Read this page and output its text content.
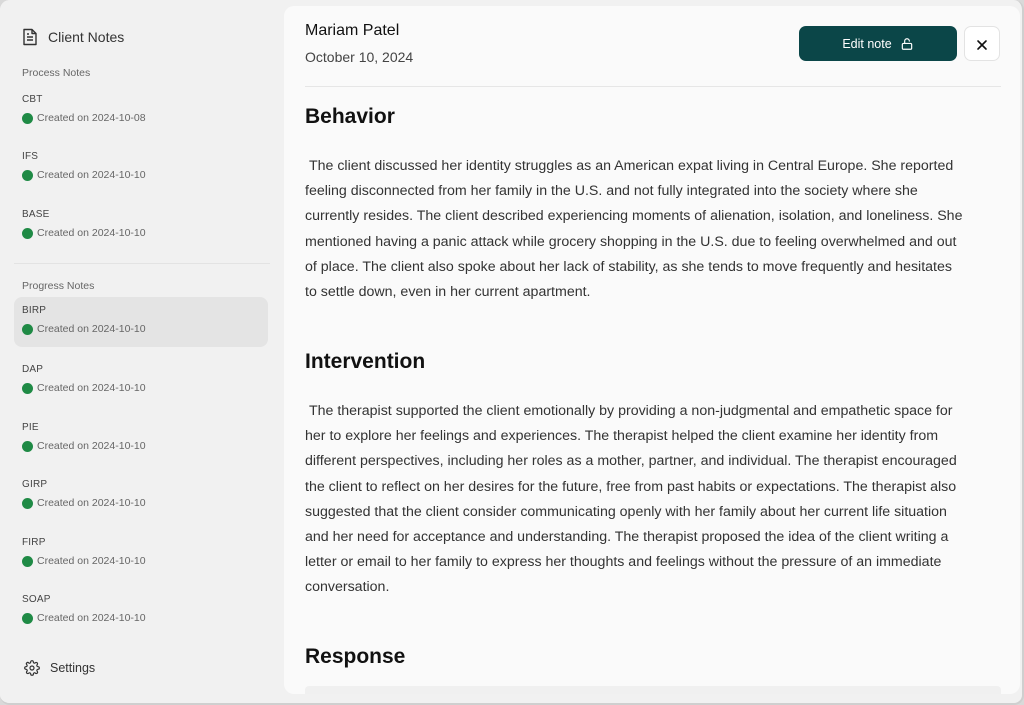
Client Notes
Process Notes
CBT
Created on 2024-10-08
IFS
Created on 2024-10-10
BASE
Created on 2024-10-10
Progress Notes
BIRP
Created on 2024-10-10
DAP
Created on 2024-10-10
PIE
Created on 2024-10-10
GIRP
Created on 2024-10-10
FIRP
Created on 2024-10-10
SOAP
Created on 2024-10-10
Settings
Mariam Patel
October 10, 2024
Edit note
Behavior
The client discussed her identity struggles as an American expat living in Central Europe. She reported feeling disconnected from her family in the U.S. and not fully integrated into the society where she currently resides. The client described experiencing moments of alienation, isolation, and loneliness. She mentioned having a panic attack while grocery shopping in the U.S. due to feeling overwhelmed and out of place. The client also spoke about her lack of stability, as she tends to move frequently and hesitates to settle down, even in her current apartment.
Intervention
The therapist supported the client emotionally by providing a non-judgmental and empathetic space for her to explore her feelings and experiences. The therapist helped the client examine her identity from different perspectives, including her roles as a mother, partner, and individual. The therapist encouraged the client to reflect on her desires for the future, free from past habits or expectations. The therapist also suggested that the client consider communicating openly with her family about her current life situation and her need for acceptance and understanding. The therapist proposed the idea of the client writing a letter or email to her family to express her thoughts and feelings without the pressure of an immediate conversation.
Response
